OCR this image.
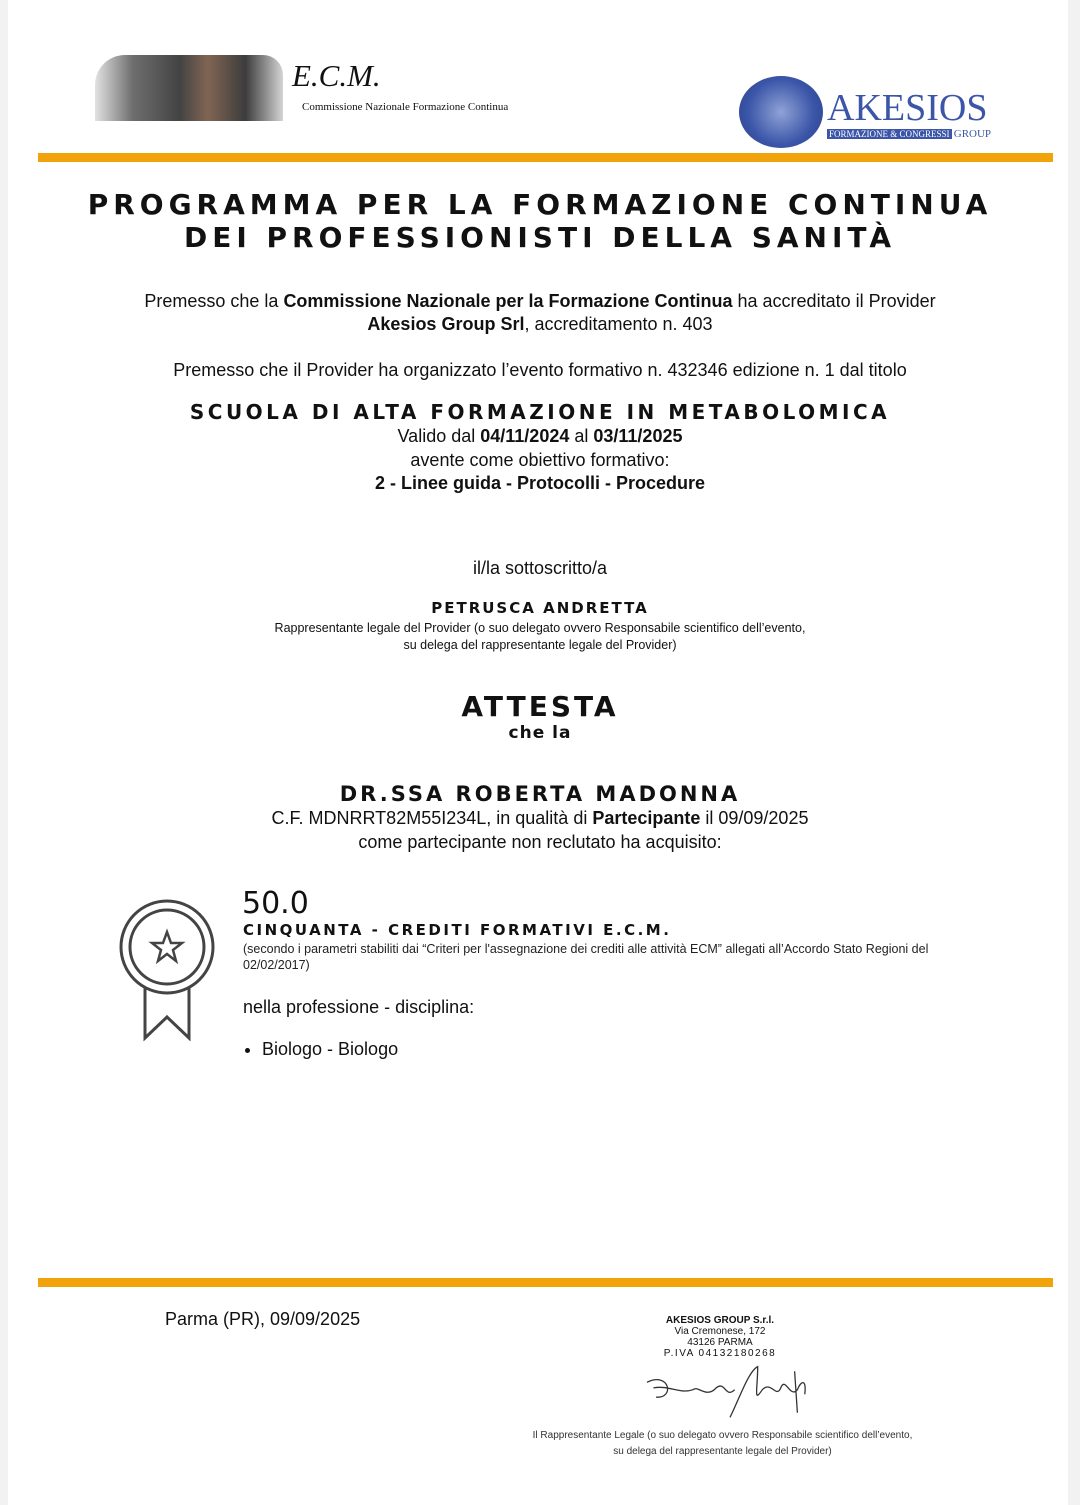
E.C.M.
Commissione Nazionale Formazione Continua	AKESIOS
FORMAZIONE & CONGRESSI GROUP
PROGRAMMA PER LA FORMAZIONE CONTINUA
DEI PROFESSIONISTI DELLA SANITÀ
Premesso che la Commissione Nazionale per la Formazione Continua ha accreditato il Provider
Akesios Group Srl, accreditamento n. 403
Premesso che il Provider ha organizzato l’evento formativo n. 432346 edizione n. 1 dal titolo
SCUOLA DI ALTA FORMAZIONE IN METABOLOMICA
Valido dal 04/11/2024 al 03/11/2025
avente come obiettivo formativo:
2 - Linee guida - Protocolli - Procedure
il/la sottoscritto/a
PETRUSCA ANDRETTA
Rappresentante legale del Provider (o suo delegato ovvero Responsabile scientifico dell’evento,
su delega del rappresentante legale del Provider)
ATTESTA
che la
DR.SSA ROBERTA MADONNA
C.F. MDNRRT82M55I234L, in qualità di Partecipante il 09/09/2025
come partecipante non reclutato ha acquisito:
50.0
CINQUANTA - CREDITI FORMATIVI E.C.M.
(secondo i parametri stabiliti dai “Criteri per l'assegnazione dei crediti alle attività ECM” allegati all’Accordo Stato Regioni del 02/02/2017)
nella professione - disciplina:
• Biologo - Biologo
Parma (PR), 09/09/2025	AKESIOS GROUP S.r.l.
Via Cremonese, 172
43126 PARMA
P.IVA 04132180268
Il Rappresentante Legale (o suo delegato ovvero Responsabile scientifico dell’evento,
su delega del rappresentante legale del Provider)
